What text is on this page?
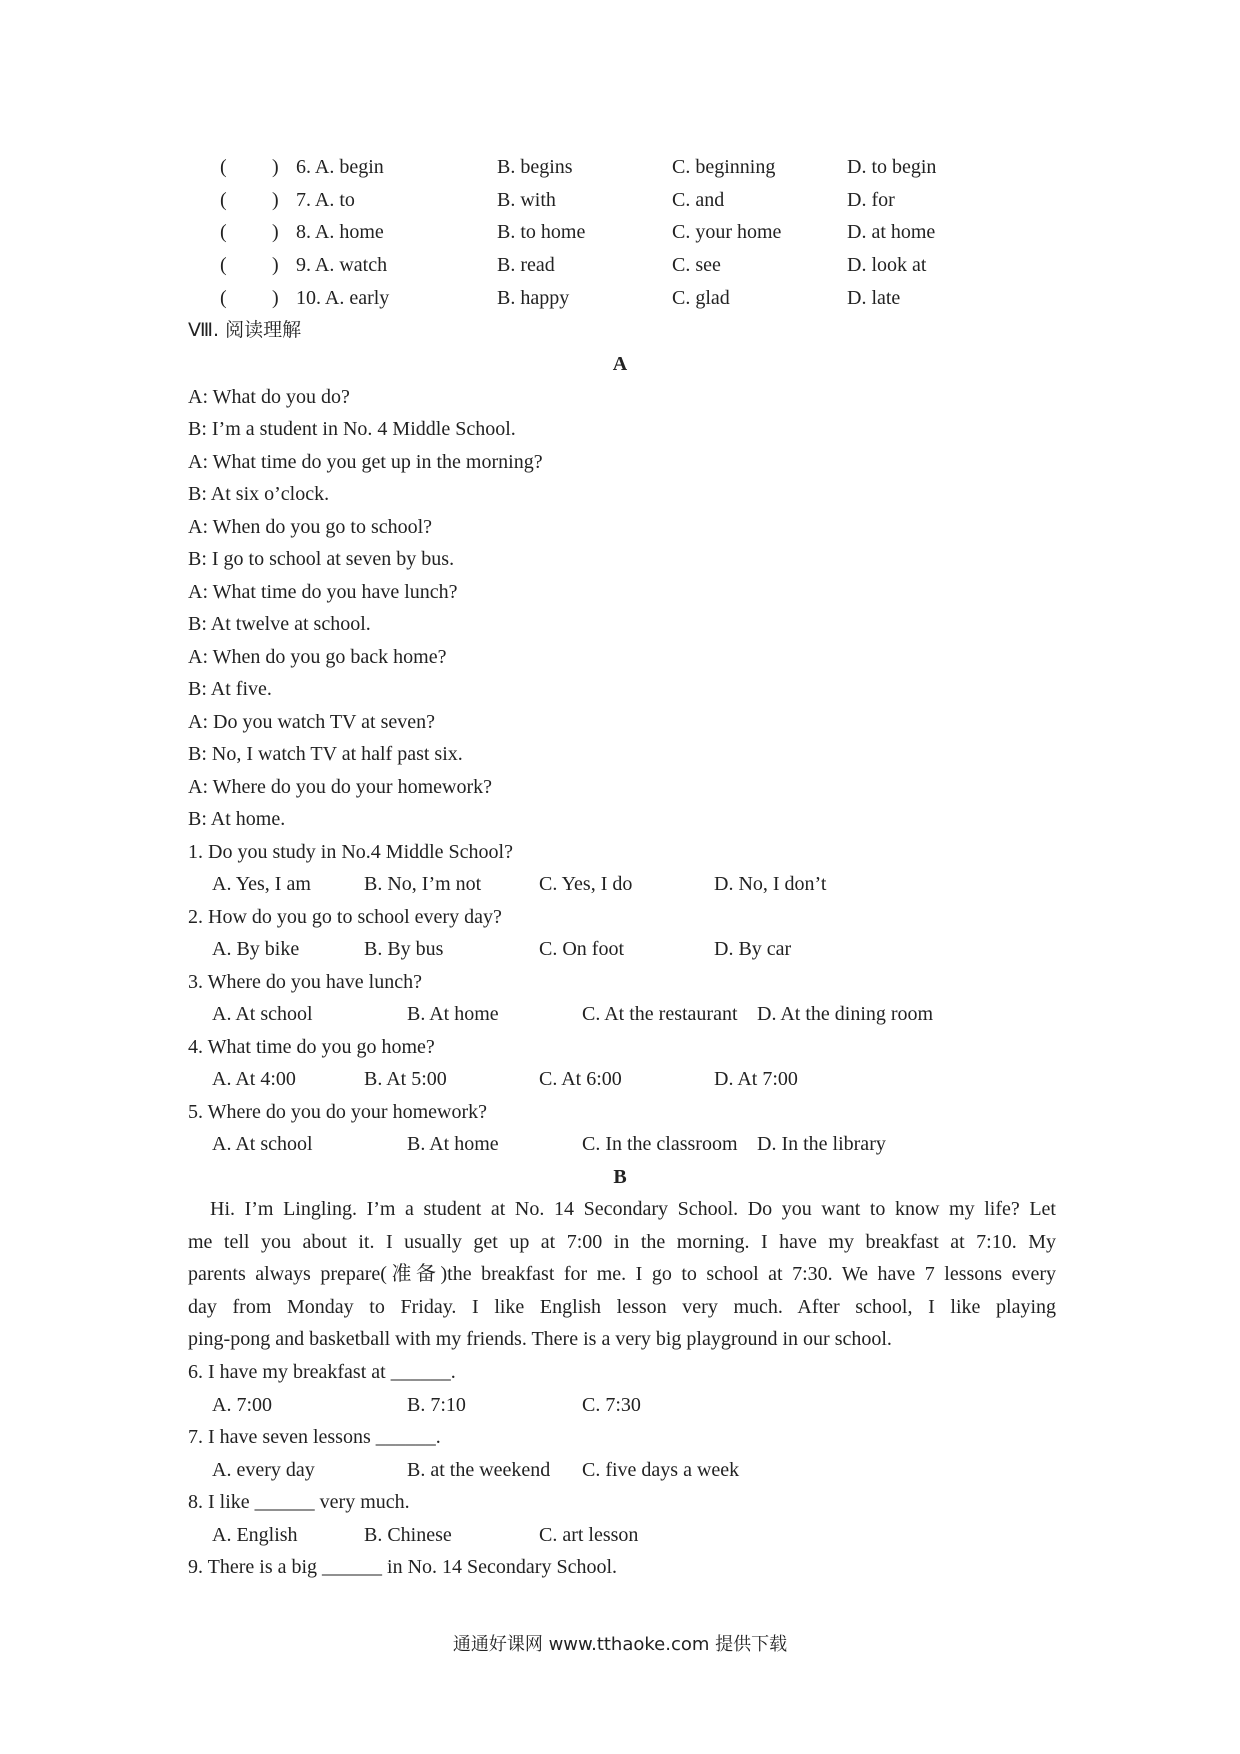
( ) 6. A. begin	B. begins	C. beginning	D. to begin
( ) 7. A. to	B. with	C. and	D. for
( ) 8. A. home	B. to home	C. your home	D. at home
( ) 9. A. watch	B. read	C. see	D. look at
( ) 10. A. early	B. happy	C. glad	D. late
Ⅷ. 阅读理解
A
A: What do you do?
B: I’m a student in No. 4 Middle School.
A: What time do you get up in the morning?
B: At six o’clock.
A: When do you go to school?
B: I go to school at seven by bus.
A: What time do you have lunch?
B: At twelve at school.
A: When do you go back home?
B: At five.
A: Do you watch TV at seven?
B: No, I watch TV at half past six.
A: Where do you do your homework?
B: At home.
1. Do you study in No.4 Middle School?
A. Yes, I am	B. No, I’m not	C. Yes, I do	D. No, I don’t
2. How do you go to school every day?
A. By bike	B. By bus	C. On foot	D. By car
3. Where do you have lunch?
A. At school	B. At home	C. At the restaurant D. At the dining room
4. What time do you go home?
A. At 4:00	B. At 5:00	C. At 6:00	D. At 7:00
5. Where do you do your homework?
A. At school	B. At home	C. In the classroom D. In the library
B
Hi. I’m Lingling. I’m a student at No. 14 Secondary School. Do you want to know my life? Let
me tell you about it. I usually get up at 7:00 in the morning. I have my breakfast at 7:10. My
parents always prepare(准备)the breakfast for me. I go to school at 7:30. We have 7 lessons every
day from Monday to Friday. I like English lesson very much. After school, I like playing
ping-pong and basketball with my friends. There is a very big playground in our school.
6. I have my breakfast at ______.
A. 7:00	B. 7:10	C. 7:30
7. I have seven lessons ______.
A. every day	B. at the weekend C. five days a week
8. I like ______ very much.
A. English	B. Chinese	C. art lesson
9. There is a big ______ in No. 14 Secondary School.
通通好课网 www.tthaoke.com 提供下载
